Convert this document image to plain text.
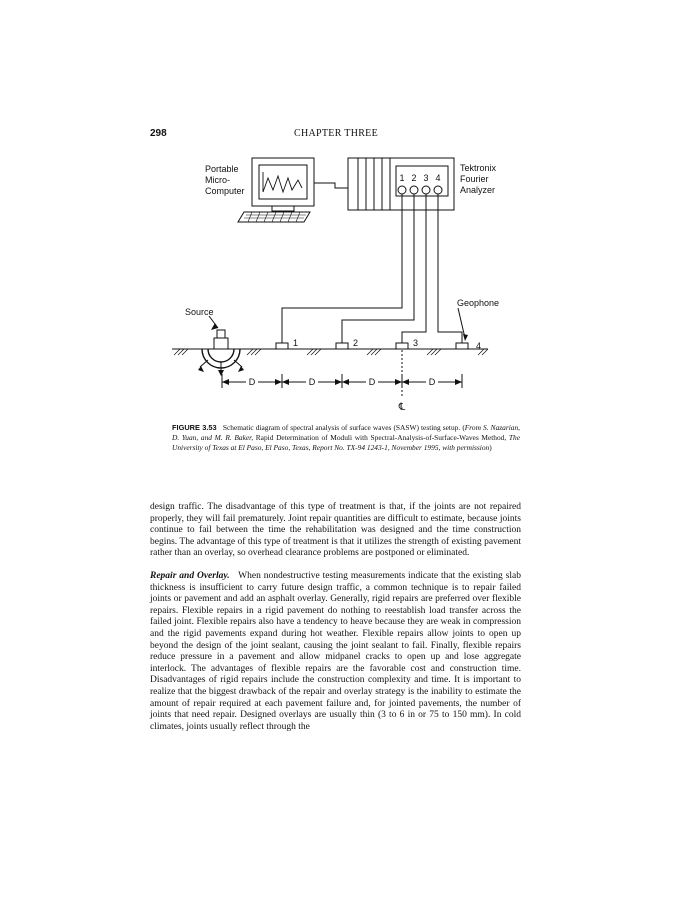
298	CHAPTER THREE
Portable
Micro-
Computer
Tektronix
Fourier
Analyzer
1 2 3 4
Source
Geophone
1	2	3	4
D	D	D	D
℄
FIGURE 3.53 Schematic diagram of spectral analysis of surface waves (SASW) testing setup. (From S. Nazarian, D. Yuan, and M. R. Baker, Rapid Determination of Moduli with Spectral-Analysis-of-Surface-Waves Method, The University of Texas at El Paso, El Paso, Texas, Report No. TX-94 1243-1, November 1995, with permission)

design traffic. The disadvantage of this type of treatment is that, if the joints are not repaired properly, they will fail prematurely. Joint repair quantities are difficult to estimate, because joints continue to fail between the time the rehabilitation was designed and the time construction begins. The advantage of this type of treatment is that it utilizes the strength of existing pavement rather than an overlay, so overhead clearance problems are postponed or eliminated.

Repair and Overlay. When nondestructive testing measurements indicate that the existing slab thickness is insufficient to carry future design traffic, a common technique is to repair failed joints or pavement and add an asphalt overlay. Generally, rigid repairs are preferred over flexible repairs. Flexible repairs in a rigid pavement do nothing to reestablish load transfer across the failed joint. Flexible repairs also have a tendency to heave because they are weak in compression and the rigid pavements expand during hot weather. Flexible repairs allow joints to open up beyond the design of the joint sealant, causing the joint sealant to fail. Finally, flexible repairs reduce pressure in a pavement and allow midpanel cracks to open up and lose aggregate interlock. The advantages of flexible repairs are the favorable cost and construction time. Disadvantages of rigid repairs include the construction complexity and time. It is important to realize that the biggest drawback of the repair and overlay strategy is the inability to estimate the amount of repair required at each pavement failure and, for jointed pavements, the number of joints that need repair. Designed overlays are usually thin (3 to 6 in or 75 to 150 mm). In cold climates, joints usually reflect through the
